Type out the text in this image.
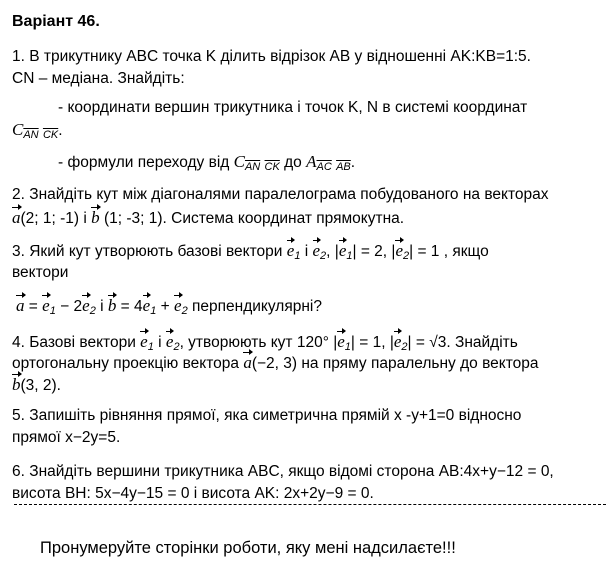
Варіант 46.
1. В трикутнику ABC точка K ділить відрізок AB у відношенні AK:KB=1:5.
CN – медіана. Знайдіть:
- координати вершин трикутника і точок K, N в системі координат
$C_{\overline{AN}}$ $_{\overline{CK}}$.
- формули переходу від $C_{\overline{AN}}$ $_{\overline{CK}}$ до $A_{\overline{AC}}$ $_{\overline{AB}}$.
2. Знайдіть кут між діагоналями паралелограма побудованого на векторах
a(2; 1; -1) і b (1; -3; 1). Система координат прямокутна.
3. Який кут утворюють базові вектори $e_1$ і $e_2$, $|e_1| = 2$, $|e_2| = 1$ , якщо
вектори
$a = e_1 - 2e_2$ і $b = 4e_1 + e_2$ перпендикулярні?
4. Базові вектори $e_1$ і $e_2$, утворюють кут 120° $|e_1| = 1$, $|e_2| = √3$. Знайдіть
ортогональну проекцію вектора a(−2, 3) на пряму паралельну до вектора
b(3, 2).
5. Запишіть рівняння прямої, яка симетрична прямій x -y+1=0 відносно
прямої x−2y=5.
6. Знайдіть вершини трикутника ABC, якщо відомі сторона AB:4x+y−12 = 0,
висота BH: 5x−4y−15 = 0 і висота AK: 2x+2y−9 = 0.
Пронумеруйте сторінки роботи, яку мені надсилаєте!!!
